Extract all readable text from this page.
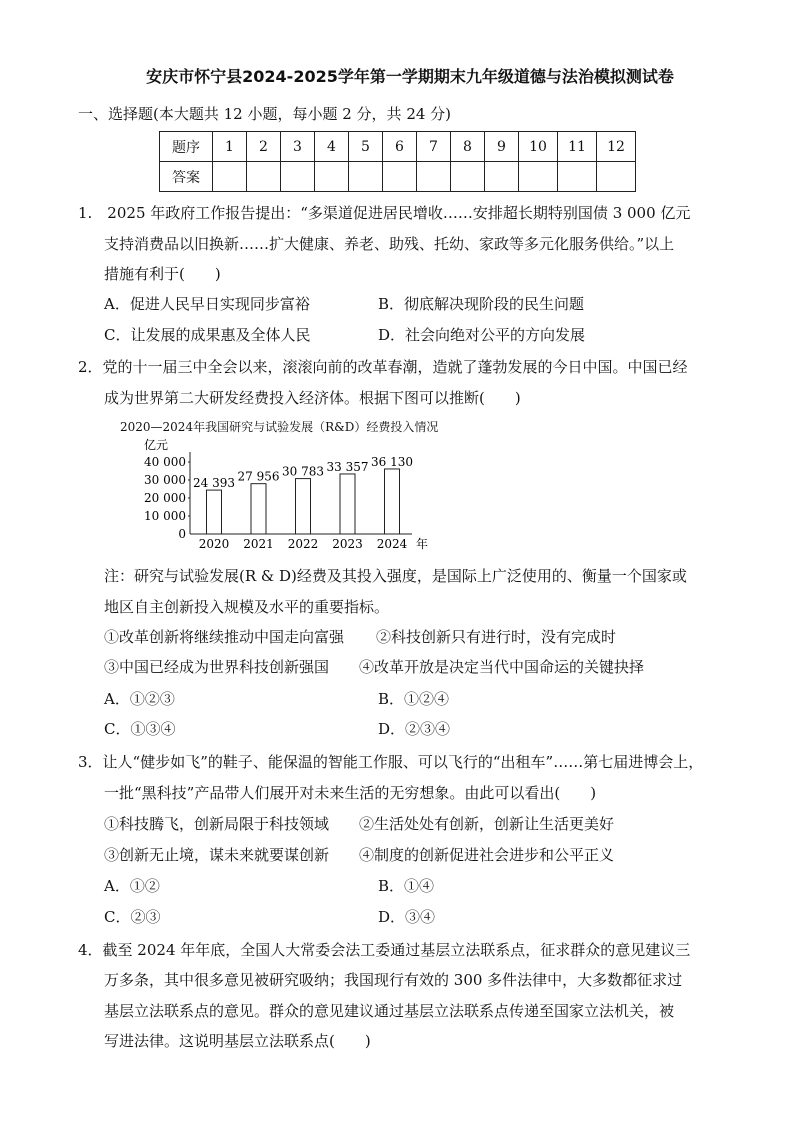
安庆市怀宁县2024-2025学年第一学期期末九年级道德与法治模拟测试卷
一、选择题(本大题共 12 小题，每小题 2 分，共 24 分)
题序	1	2	3	4	5	6	7	8	9	10	11	12
答案												
1.　2025 年政府工作报告提出：“多渠道促进居民增收……安排超长期特别国债 3 000 亿元
支持消费品以旧换新……扩大健康、养老、助残、托幼、家政等多元化服务供给。”以上
措施有利于(　　)
A．促进人民早日实现同步富裕	B．彻底解决现阶段的民生问题
C．让发展的成果惠及全体人民	D．社会向绝对公平的方向发展
2．党的十一届三中全会以来，滚滚向前的改革春潮，造就了蓬勃发展的今日中国。中国已经
成为世界第二大研发经费投入经济体。根据下图可以推断(　　)
2020—2024年我国研究与试验发展（R&D）经费投入情况
亿元
年
0
10 000
20 000
30 000
40 000
24 393
2020
27 956
2021
30 783
2022
33 357
2023
36 130
2024
注：研究与试验发展(R & D)经费及其投入强度，是国际上广泛使用的、衡量一个国家或
地区自主创新投入规模及水平的重要指标。
①改革创新将继续推动中国走向富强 ②科技创新只有进行时，没有完成时
③中国已经成为世界科技创新强国 ④改革开放是决定当代中国命运的关键抉择
A．①②③	B．①②④
C．①③④	D．②③④
3．让人“健步如飞”的鞋子、能保温的智能工作服、可以飞行的“出租车”……第七届进博会上，
一批“黑科技”产品带人们展开对未来生活的无穷想象。由此可以看出(　　)
①科技腾飞，创新局限于科技领域 ②生活处处有创新，创新让生活更美好
③创新无止境，谋未来就要谋创新 ④制度的创新促进社会进步和公平正义
A．①②	B．①④
C．②③	D．③④
4．截至 2024 年年底，全国人大常委会法工委通过基层立法联系点，征求群众的意见建议三
万多条，其中很多意见被研究吸纳；我国现行有效的 300 多件法律中，大多数都征求过
基层立法联系点的意见。群众的意见建议通过基层立法联系点传递至国家立法机关，被
写进法律。这说明基层立法联系点(　　)
